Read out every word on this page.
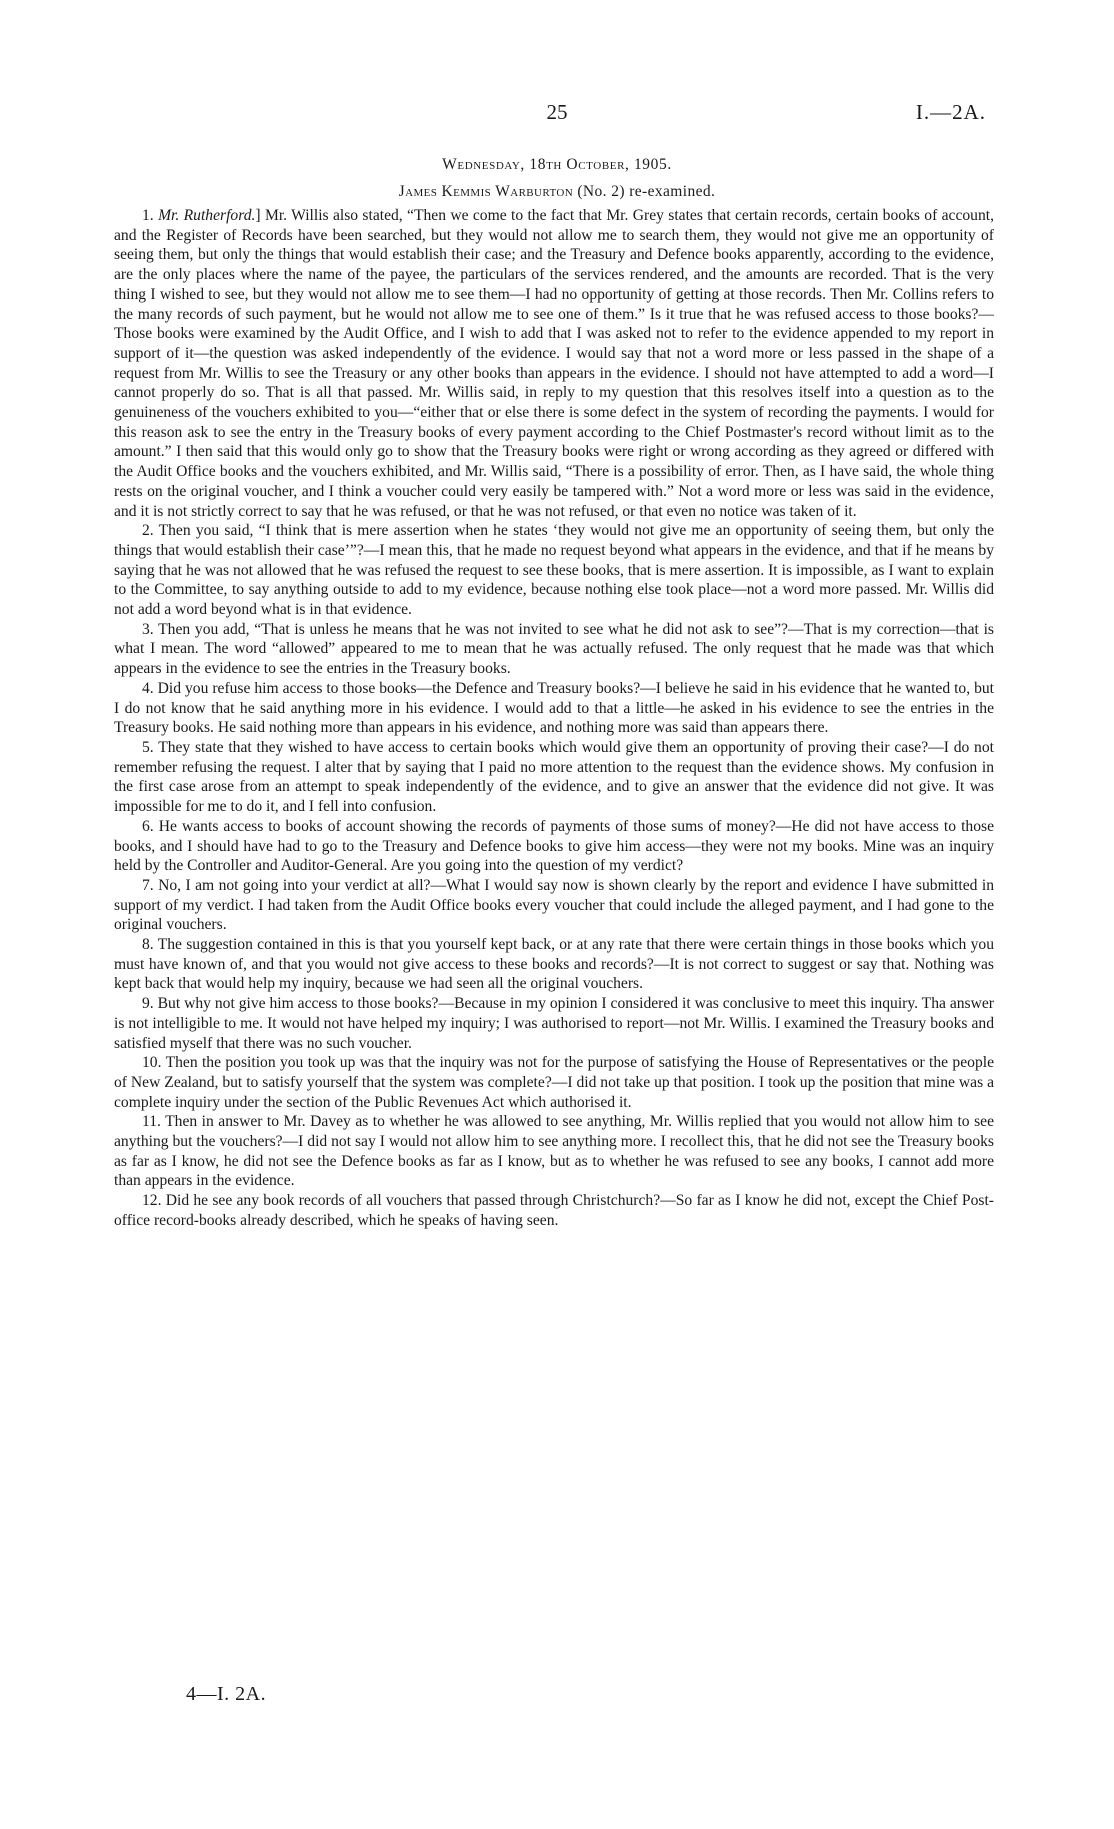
25	I.—2A.
Wednesday, 18th October, 1905.
James Kemmis Warburton (No. 2) re-examined.

1. Mr. Rutherford.] Mr. Willis also stated, “Then we come to the fact that Mr. Grey states that certain records, certain books of account, and the Register of Records have been searched, but they would not allow me to search them, they would not give me an opportunity of seeing them, but only the things that would establish their case; and the Treasury and Defence books apparently, according to the evidence, are the only places where the name of the payee, the particulars of the services rendered, and the amounts are recorded. That is the very thing I wished to see, but they would not allow me to see them—I had no opportunity of getting at those records. Then Mr. Collins refers to the many records of such payment, but he would not allow me to see one of them.” Is it true that he was refused access to those books?—Those books were examined by the Audit Office, and I wish to add that I was asked not to refer to the evidence appended to my report in support of it—the question was asked independently of the evidence. I would say that not a word more or less passed in the shape of a request from Mr. Willis to see the Treasury or any other books than appears in the evidence. I should not have attempted to add a word—I cannot properly do so. That is all that passed. Mr. Willis said, in reply to my question that this resolves itself into a question as to the genuineness of the vouchers exhibited to you—“either that or else there is some defect in the system of recording the payments. I would for this reason ask to see the entry in the Treasury books of every payment according to the Chief Postmaster's record without limit as to the amount.” I then said that this would only go to show that the Treasury books were right or wrong according as they agreed or differed with the Audit Office books and the vouchers exhibited, and Mr. Willis said, “There is a possibility of error. Then, as I have said, the whole thing rests on the original voucher, and I think a voucher could very easily be tampered with.” Not a word more or less was said in the evidence, and it is not strictly correct to say that he was refused, or that he was not refused, or that even no notice was taken of it.

2. Then you said, “I think that is mere assertion when he states ‘they would not give me an opportunity of seeing them, but only the things that would establish their case’”?—I mean this, that he made no request beyond what appears in the evidence, and that if he means by saying that he was not allowed that he was refused the request to see these books, that is mere assertion. It is impossible, as I want to explain to the Committee, to say anything outside to add to my evidence, because nothing else took place—not a word more passed. Mr. Willis did not add a word beyond what is in that evidence.

3. Then you add, “That is unless he means that he was not invited to see what he did not ask to see”?—That is my correction—that is what I mean. The word “allowed” appeared to me to mean that he was actually refused. The only request that he made was that which appears in the evidence to see the entries in the Treasury books.

4. Did you refuse him access to those books—the Defence and Treasury books?—I believe he said in his evidence that he wanted to, but I do not know that he said anything more in his evidence. I would add to that a little—he asked in his evidence to see the entries in the Treasury books. He said nothing more than appears in his evidence, and nothing more was said than appears there.

5. They state that they wished to have access to certain books which would give them an opportunity of proving their case?—I do not remember refusing the request. I alter that by saying that I paid no more attention to the request than the evidence shows. My confusion in the first case arose from an attempt to speak independently of the evidence, and to give an answer that the evidence did not give. It was impossible for me to do it, and I fell into confusion.

6. He wants access to books of account showing the records of payments of those sums of money?—He did not have access to those books, and I should have had to go to the Treasury and Defence books to give him access—they were not my books. Mine was an inquiry held by the Controller and Auditor-General. Are you going into the question of my verdict?

7. No, I am not going into your verdict at all?—What I would say now is shown clearly by the report and evidence I have submitted in support of my verdict. I had taken from the Audit Office books every voucher that could include the alleged payment, and I had gone to the original vouchers.

8. The suggestion contained in this is that you yourself kept back, or at any rate that there were certain things in those books which you must have known of, and that you would not give access to these books and records?—It is not correct to suggest or say that. Nothing was kept back that would help my inquiry, because we had seen all the original vouchers.

9. But why not give him access to those books?—Because in my opinion I considered it was conclusive to meet this inquiry. Tha answer is not intelligible to me. It would not have helped my inquiry; I was authorised to report—not Mr. Willis. I examined the Treasury books and satisfied myself that there was no such voucher.

10. Then the position you took up was that the inquiry was not for the purpose of satisfying the House of Representatives or the people of New Zealand, but to satisfy yourself that the system was complete?—I did not take up that position. I took up the position that mine was a complete inquiry under the section of the Public Revenues Act which authorised it.

11. Then in answer to Mr. Davey as to whether he was allowed to see anything, Mr. Willis replied that you would not allow him to see anything but the vouchers?—I did not say I would not allow him to see anything more. I recollect this, that he did not see the Treasury books as far as I know, he did not see the Defence books as far as I know, but as to whether he was refused to see any books, I cannot add more than appears in the evidence.

12. Did he see any book records of all vouchers that passed through Christchurch?—So far as I know he did not, except the Chief Post-office record-books already described, which he speaks of having seen.

4—I. 2A.
